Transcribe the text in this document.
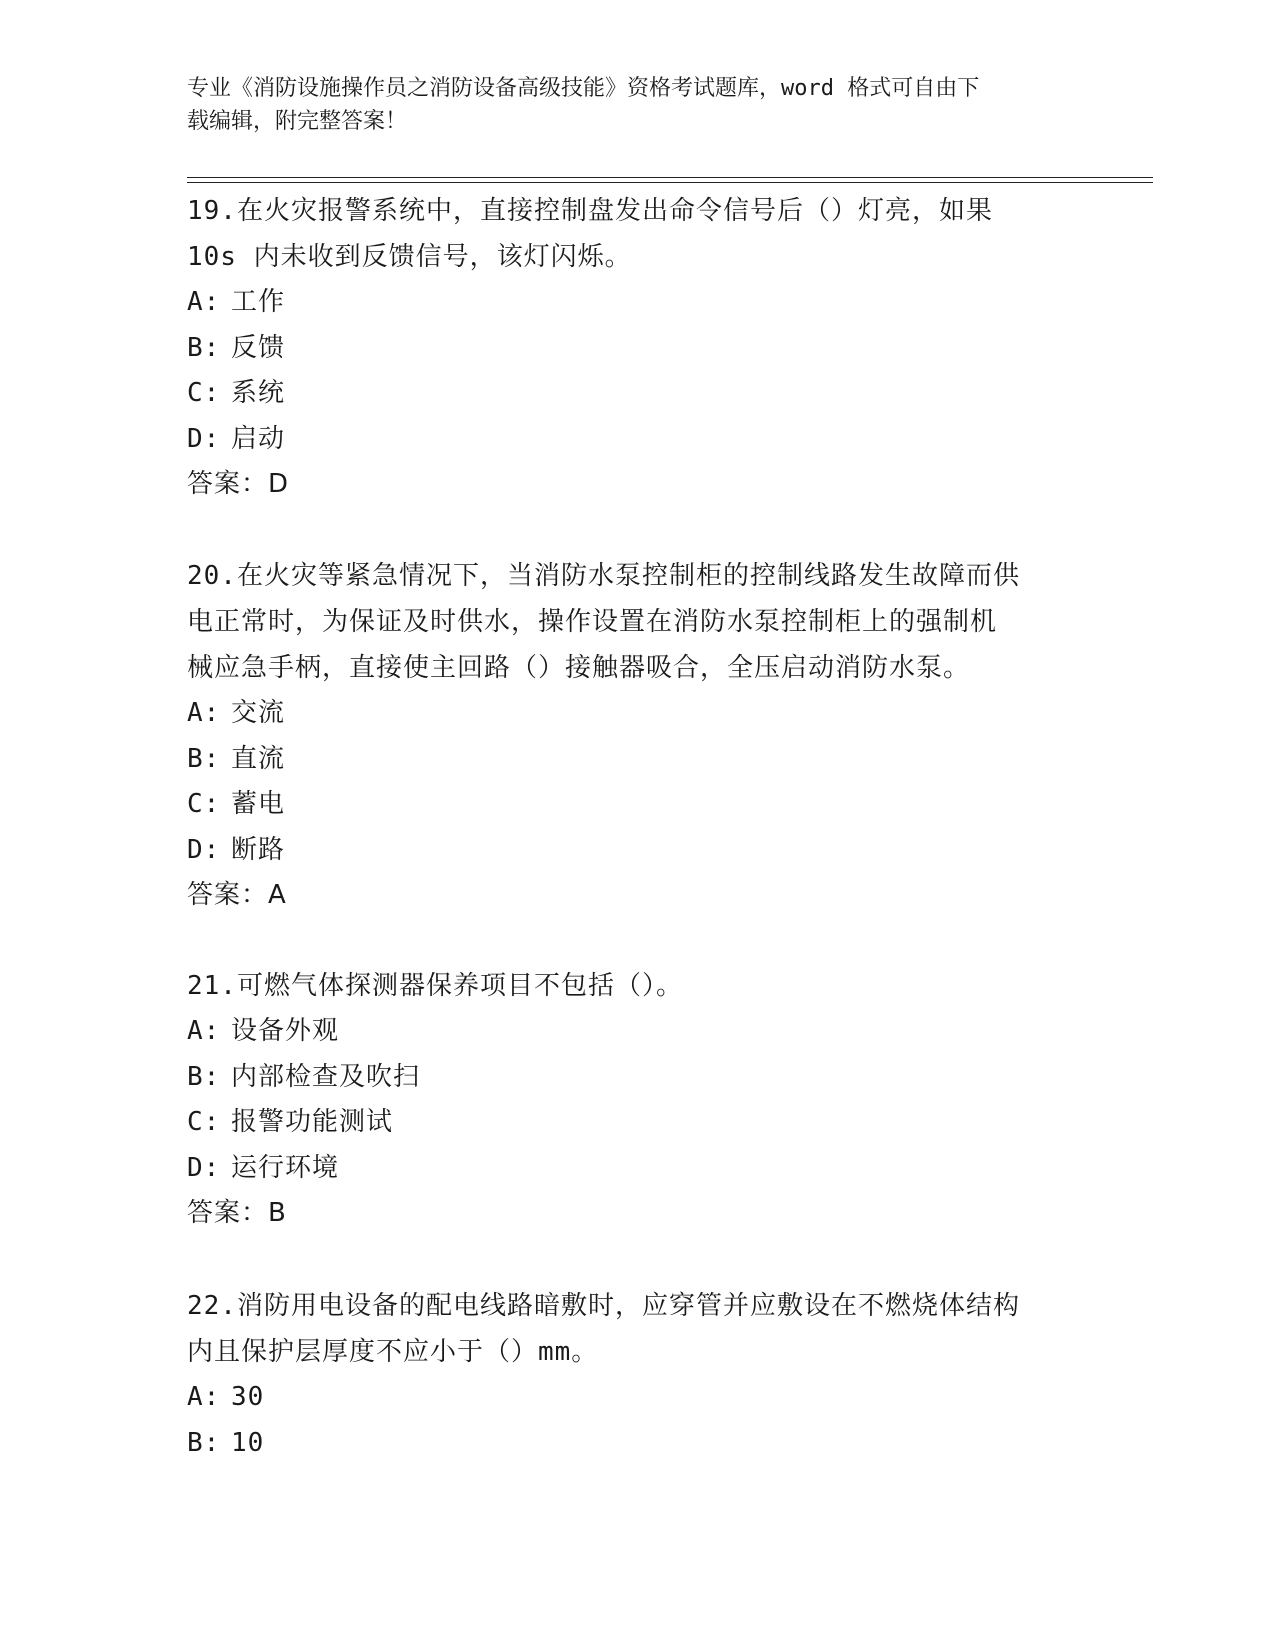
专业《消防设施操作员之消防设备高级技能》资格考试题库，word 格式可自由下
载编辑，附完整答案！
19.在火灾报警系统中，直接控制盘发出命令信号后（）灯亮，如果
10s 内未收到反馈信号，该灯闪烁。
A: 工作
B: 反馈
C: 系统
D: 启动
答案：D
20.在火灾等紧急情况下，当消防水泵控制柜的控制线路发生故障而供
电正常时，为保证及时供水，操作设置在消防水泵控制柜上的强制机
械应急手柄，直接使主回路（）接触器吸合，全压启动消防水泵。
A: 交流
B: 直流
C: 蓄电
D: 断路
答案：A
21.可燃气体探测器保养项目不包括（）。
A: 设备外观
B: 内部检查及吹扫
C: 报警功能测试
D: 运行环境
答案：B
22.消防用电设备的配电线路暗敷时，应穿管并应敷设在不燃烧体结构
内且保护层厚度不应小于（）mm。
A: 30
B: 10
